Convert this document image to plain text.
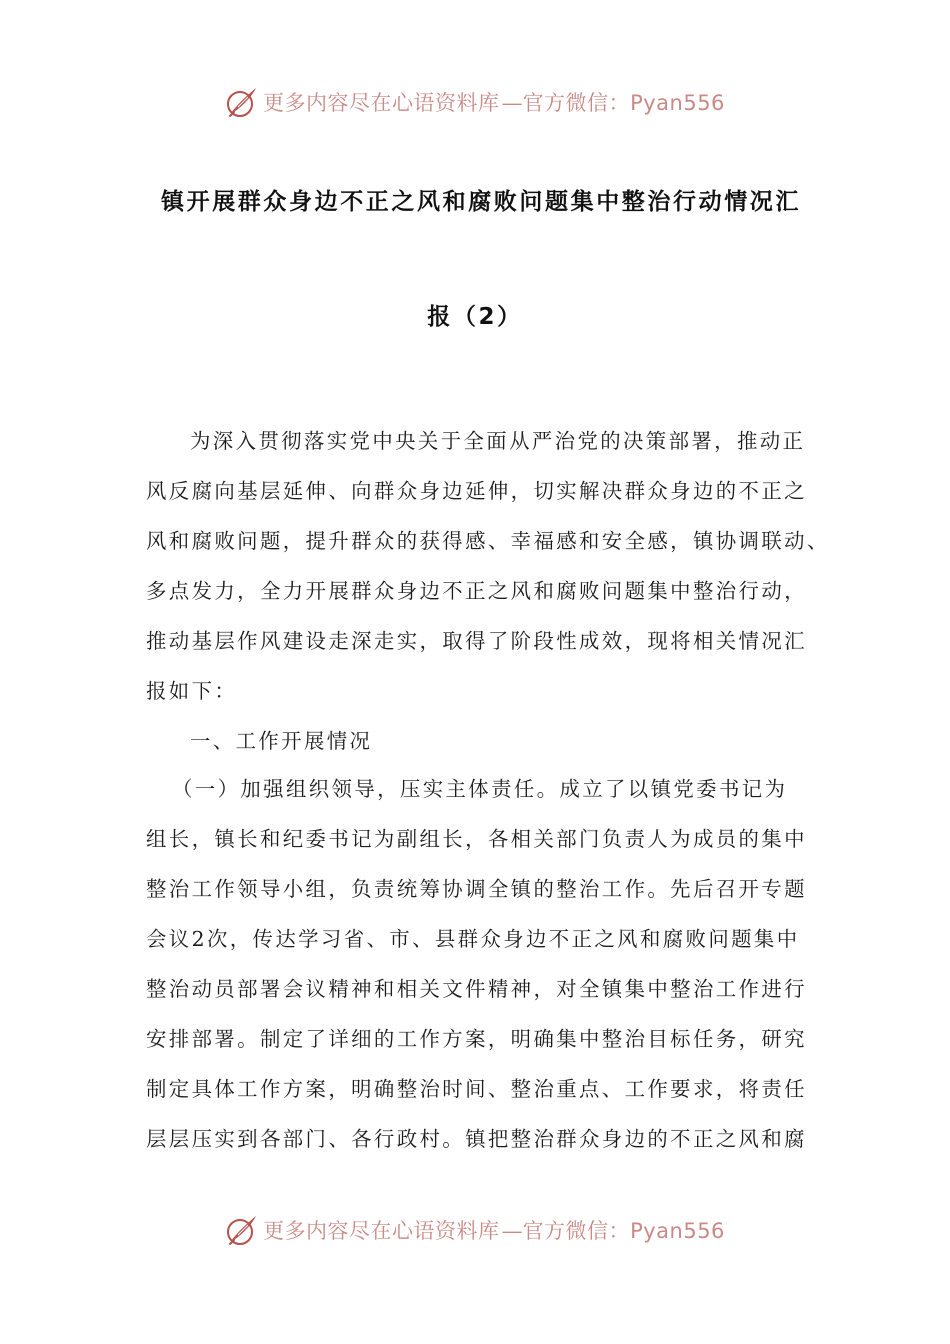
更多内容尽在心语资料库—官方微信：Pyan556
镇开展群众身边不正之风和腐败问题集中整治行动情况汇
报（2）
为深入贯彻落实党中央关于全面从严治党的决策部署，推动正
风反腐向基层延伸、向群众身边延伸，切实解决群众身边的不正之
风和腐败问题，提升群众的获得感、幸福感和安全感，镇协调联动、
多点发力，全力开展群众身边不正之风和腐败问题集中整治行动，
推动基层作风建设走深走实，取得了阶段性成效，现将相关情况汇
报如下：
一、工作开展情况
（一）加强组织领导，压实主体责任。成立了以镇党委书记为
组长，镇长和纪委书记为副组长，各相关部门负责人为成员的集中
整治工作领导小组，负责统筹协调全镇的整治工作。先后召开专题
会议2次，传达学习省、市、县群众身边不正之风和腐败问题集中
整治动员部署会议精神和相关文件精神，对全镇集中整治工作进行
安排部署。制定了详细的工作方案，明确集中整治目标任务，研究
制定具体工作方案，明确整治时间、整治重点、工作要求，将责任
层层压实到各部门、各行政村。镇把整治群众身边的不正之风和腐
更多内容尽在心语资料库—官方微信：Pyan556
